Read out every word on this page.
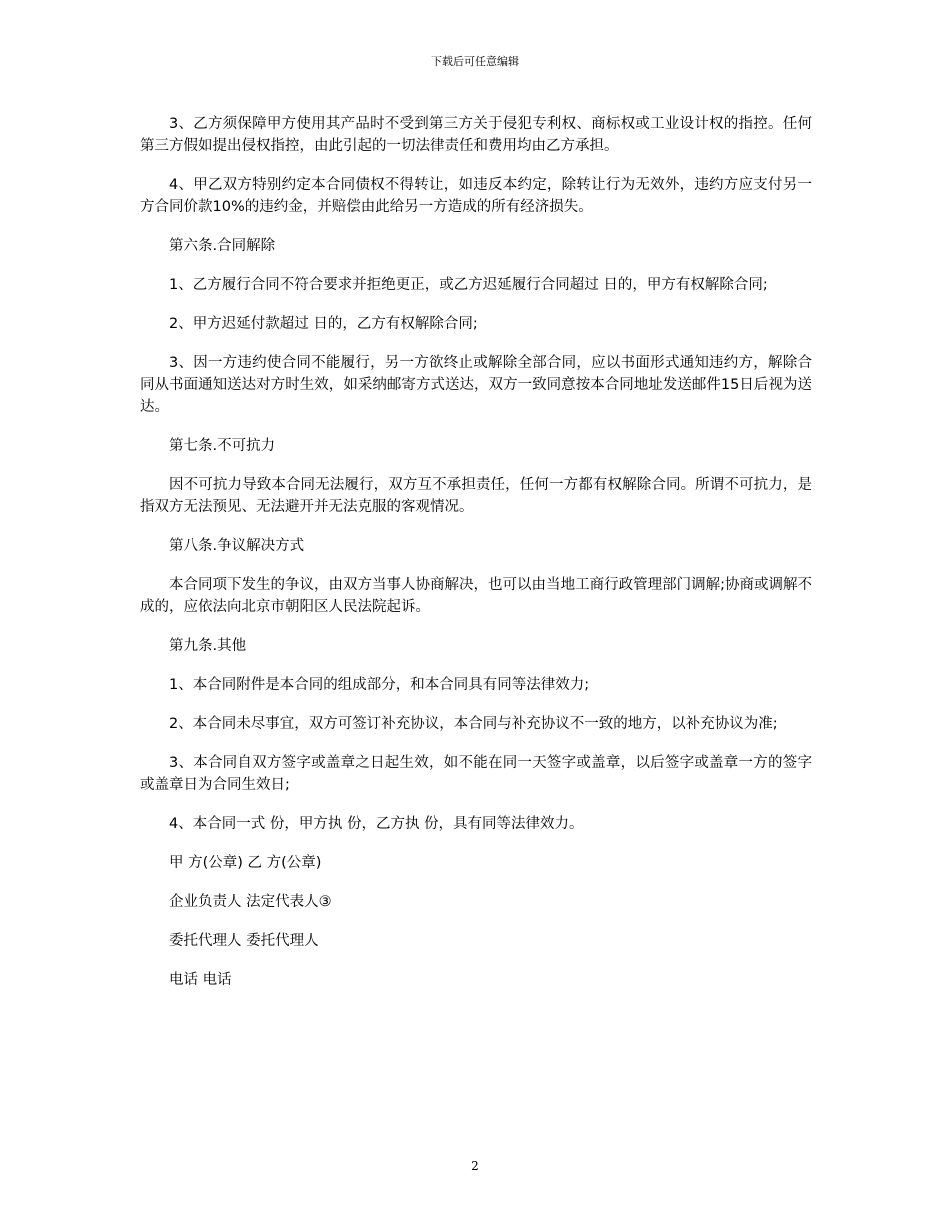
下载后可任意编辑

3、乙方须保障甲方使用其产品时不受到第三方关于侵犯专利权、商标权或工业设计权的指控。任何第三方假如提出侵权指控，由此引起的一切法律责任和费用均由乙方承担。

4、甲乙双方特别约定本合同债权不得转让，如违反本约定，除转让行为无效外，违约方应支付另一方合同价款10%的违约金，并赔偿由此给另一方造成的所有经济损失。

第六条.合同解除

1、乙方履行合同不符合要求并拒绝更正，或乙方迟延履行合同超过 日的，甲方有权解除合同;

2、甲方迟延付款超过 日的，乙方有权解除合同;

3、因一方违约使合同不能履行，另一方欲终止或解除全部合同，应以书面形式通知违约方，解除合同从书面通知送达对方时生效，如采纳邮寄方式送达，双方一致同意按本合同地址发送邮件15日后视为送达。

第七条.不可抗力

因不可抗力导致本合同无法履行，双方互不承担责任，任何一方都有权解除合同。所谓不可抗力，是指双方无法预见、无法避开并无法克服的客观情况。

第八条.争议解决方式

本合同项下发生的争议，由双方当事人协商解决，也可以由当地工商行政管理部门调解;协商或调解不成的，应依法向北京市朝阳区人民法院起诉。

第九条.其他

1、本合同附件是本合同的组成部分，和本合同具有同等法律效力;

2、本合同未尽事宜，双方可签订补充协议，本合同与补充协议不一致的地方，以补充协议为准;

3、本合同自双方签字或盖章之日起生效，如不能在同一天签字或盖章，以后签字或盖章一方的签字或盖章日为合同生效日;

4、本合同一式 份，甲方执 份，乙方执 份，具有同等法律效力。

甲 方(公章) 乙 方(公章)

企业负责人 法定代表人③

委托代理人 委托代理人

电话 电话

2
